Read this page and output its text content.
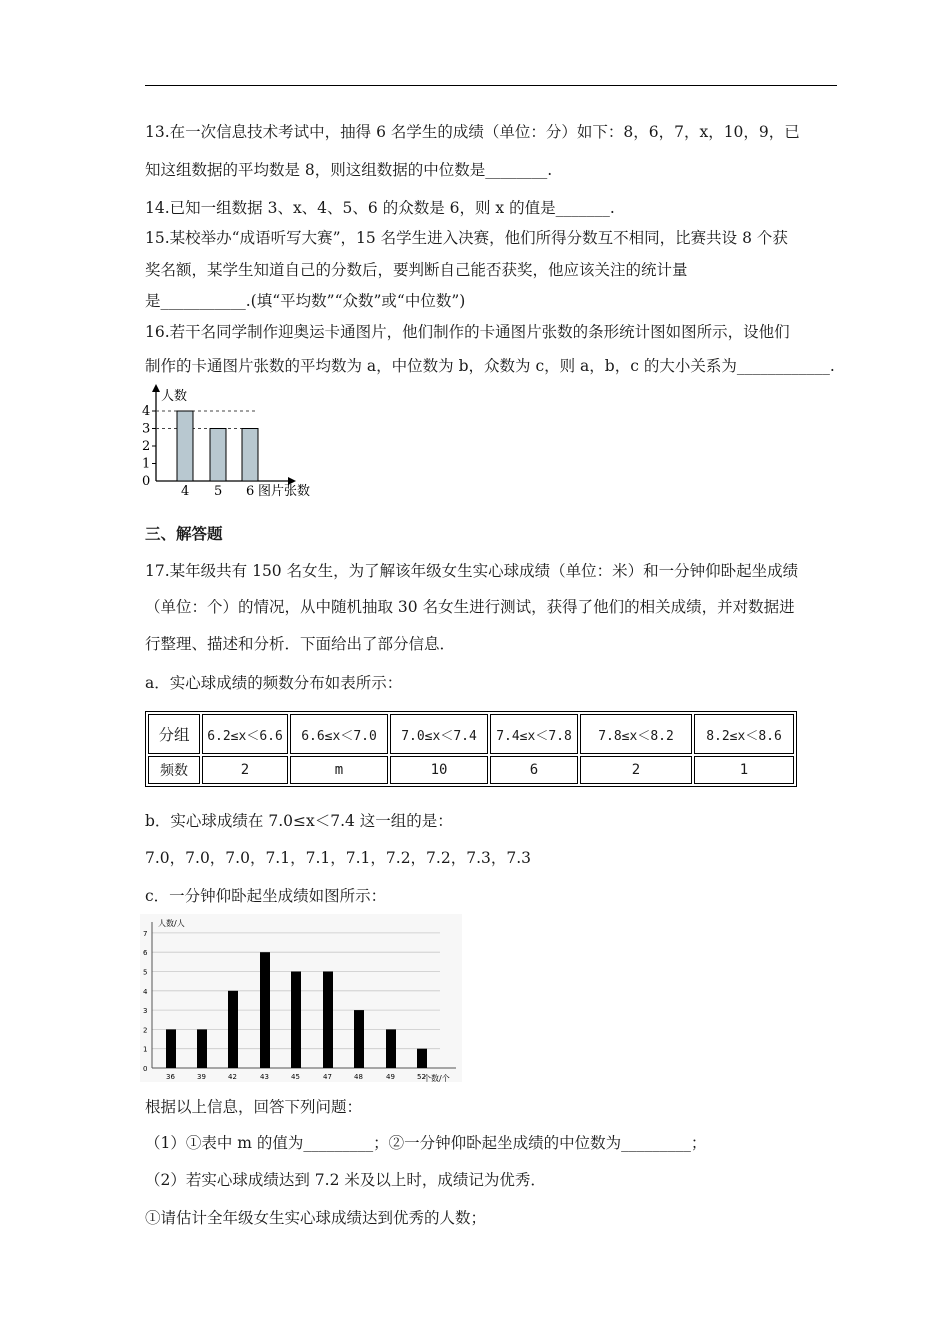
13.在一次信息技术考试中，抽得 6 名学生的成绩（单位：分）如下：8，6，7，x，10，9，已
知这组数据的平均数是 8，则这组数据的中位数是________.
14.已知一组数据 3、x、4、5、6 的众数是 6，则 x 的值是_______.
15.某校举办“成语听写大赛”，15 名学生进入决赛，他们所得分数互不相同，比赛共设 8 个获
奖名额，某学生知道自己的分数后，要判断自己能否获奖，他应该关注的统计量
是___________.(填“平均数”“众数”或“中位数”)
16.若干名同学制作迎奥运卡通图片，他们制作的卡通图片张数的条形统计图如图所示，设他们
制作的卡通图片张数的平均数为 a，中位数为 b，众数为 c，则 a，b，c 的大小关系为____________.
人数
0
1
2
3
4
4 5 6 图片张数
三、解答题
17.某年级共有 150 名女生，为了解该年级女生实心球成绩（单位：米）和一分钟仰卧起坐成绩
（单位：个）的情况，从中随机抽取 30 名女生进行测试，获得了他们的相关成绩，并对数据进
行整理、描述和分析．下面给出了部分信息．
a．实心球成绩的频数分布如表所示：
分组	6.2≤x＜6.6	6.6≤x＜7.0	7.0≤x＜7.4	7.4≤x＜7.8	7.8≤x＜8.2	8.2≤x＜8.6
频数	2	m	10	6	2	1
b．实心球成绩在 7.0≤x＜7.4 这一组的是：
7.0，7.0，7.0，7.1，7.1，7.1，7.2，7.2，7.3，7.3
c．一分钟仰卧起坐成绩如图所示：
0
1
2
3
4
5
6
7
人数/人
个数/个
36	39	42	43	45	47	48	49	52
根据以上信息，回答下列问题：
（1）①表中 m 的值为_________；②一分钟仰卧起坐成绩的中位数为_________；
（2）若实心球成绩达到 7.2 米及以上时，成绩记为优秀．
①请估计全年级女生实心球成绩达到优秀的人数；
